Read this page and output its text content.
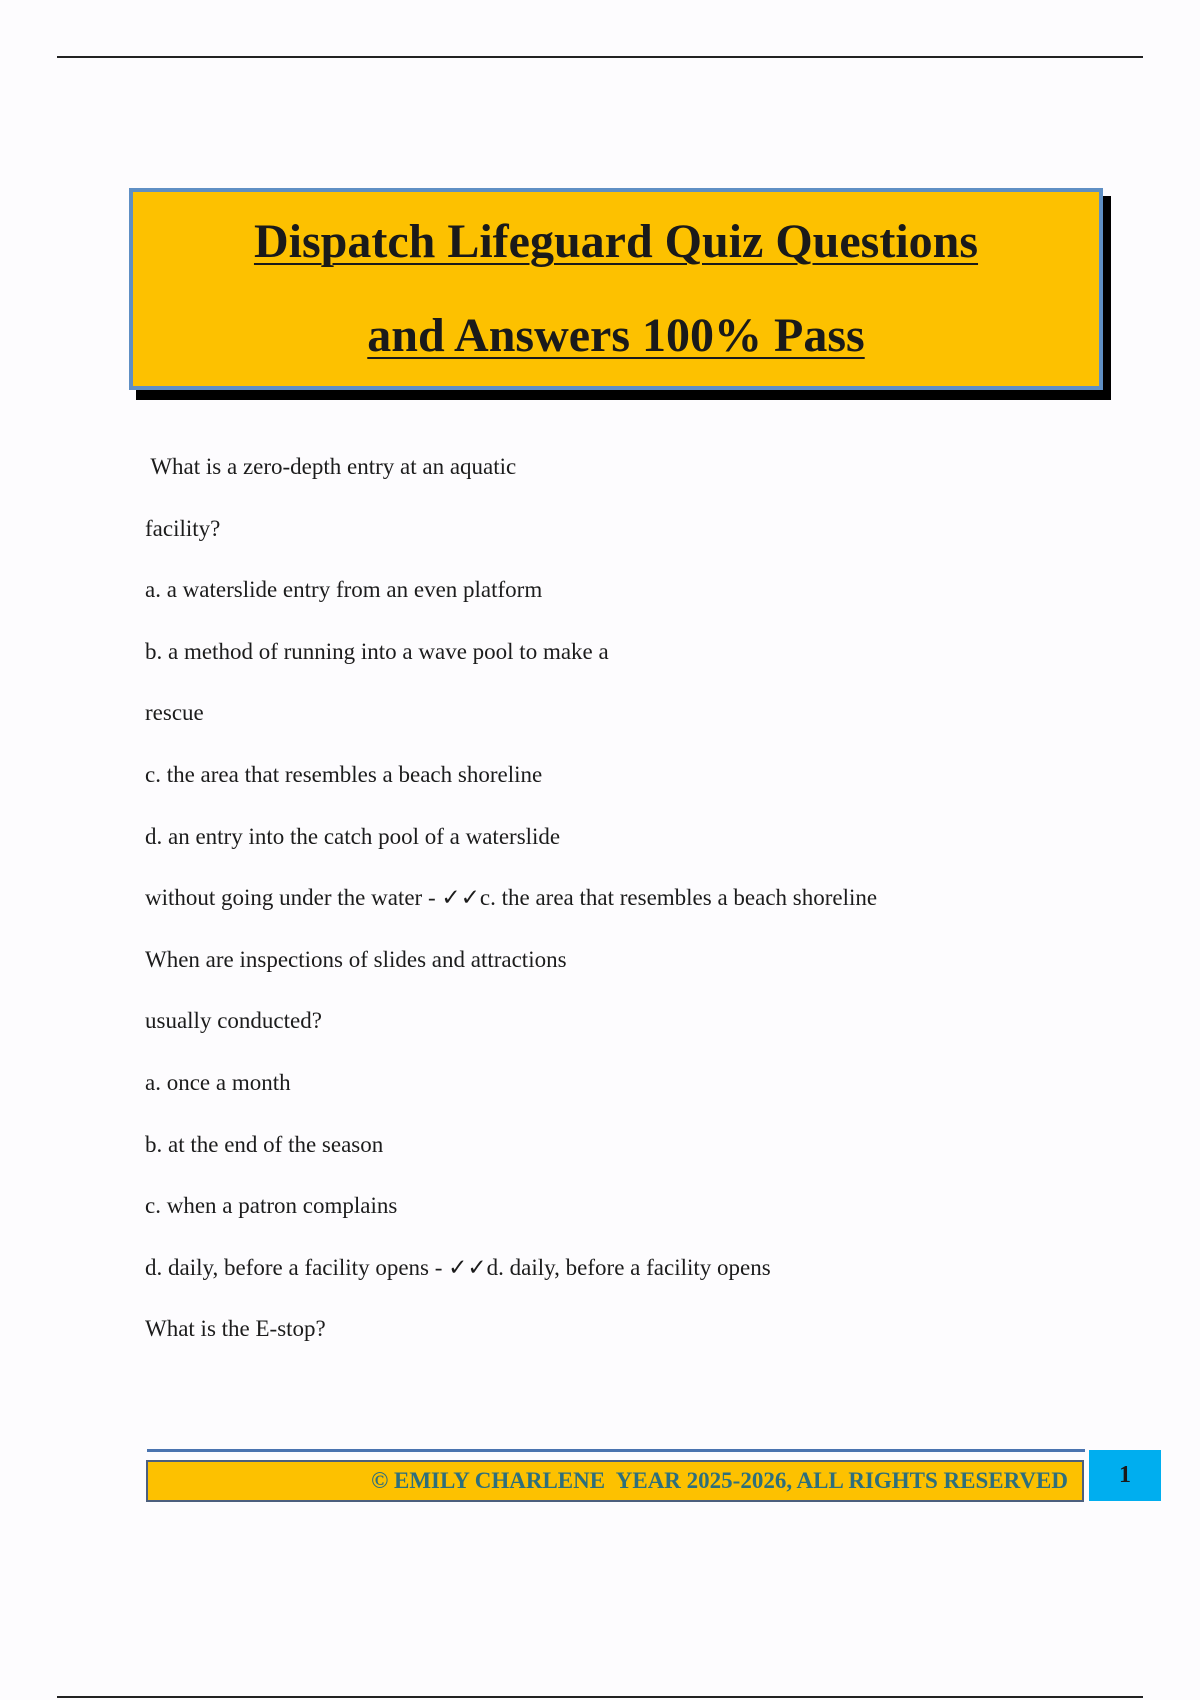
Dispatch Lifeguard Quiz Questions
and Answers 100% Pass
What is a zero-depth entry at an aquatic
facility?
a. a waterslide entry from an even platform
b. a method of running into a wave pool to make a
rescue
c. the area that resembles a beach shoreline
d. an entry into the catch pool of a waterslide
without going under the water - ✓✓c. the area that resembles a beach shoreline
When are inspections of slides and attractions
usually conducted?
a. once a month
b. at the end of the season
c. when a patron complains
d. daily, before a facility opens - ✓✓d. daily, before a facility opens
What is the E-stop?
© EMILY CHARLENE  YEAR 2025-2026, ALL RIGHTS RESERVED 1
